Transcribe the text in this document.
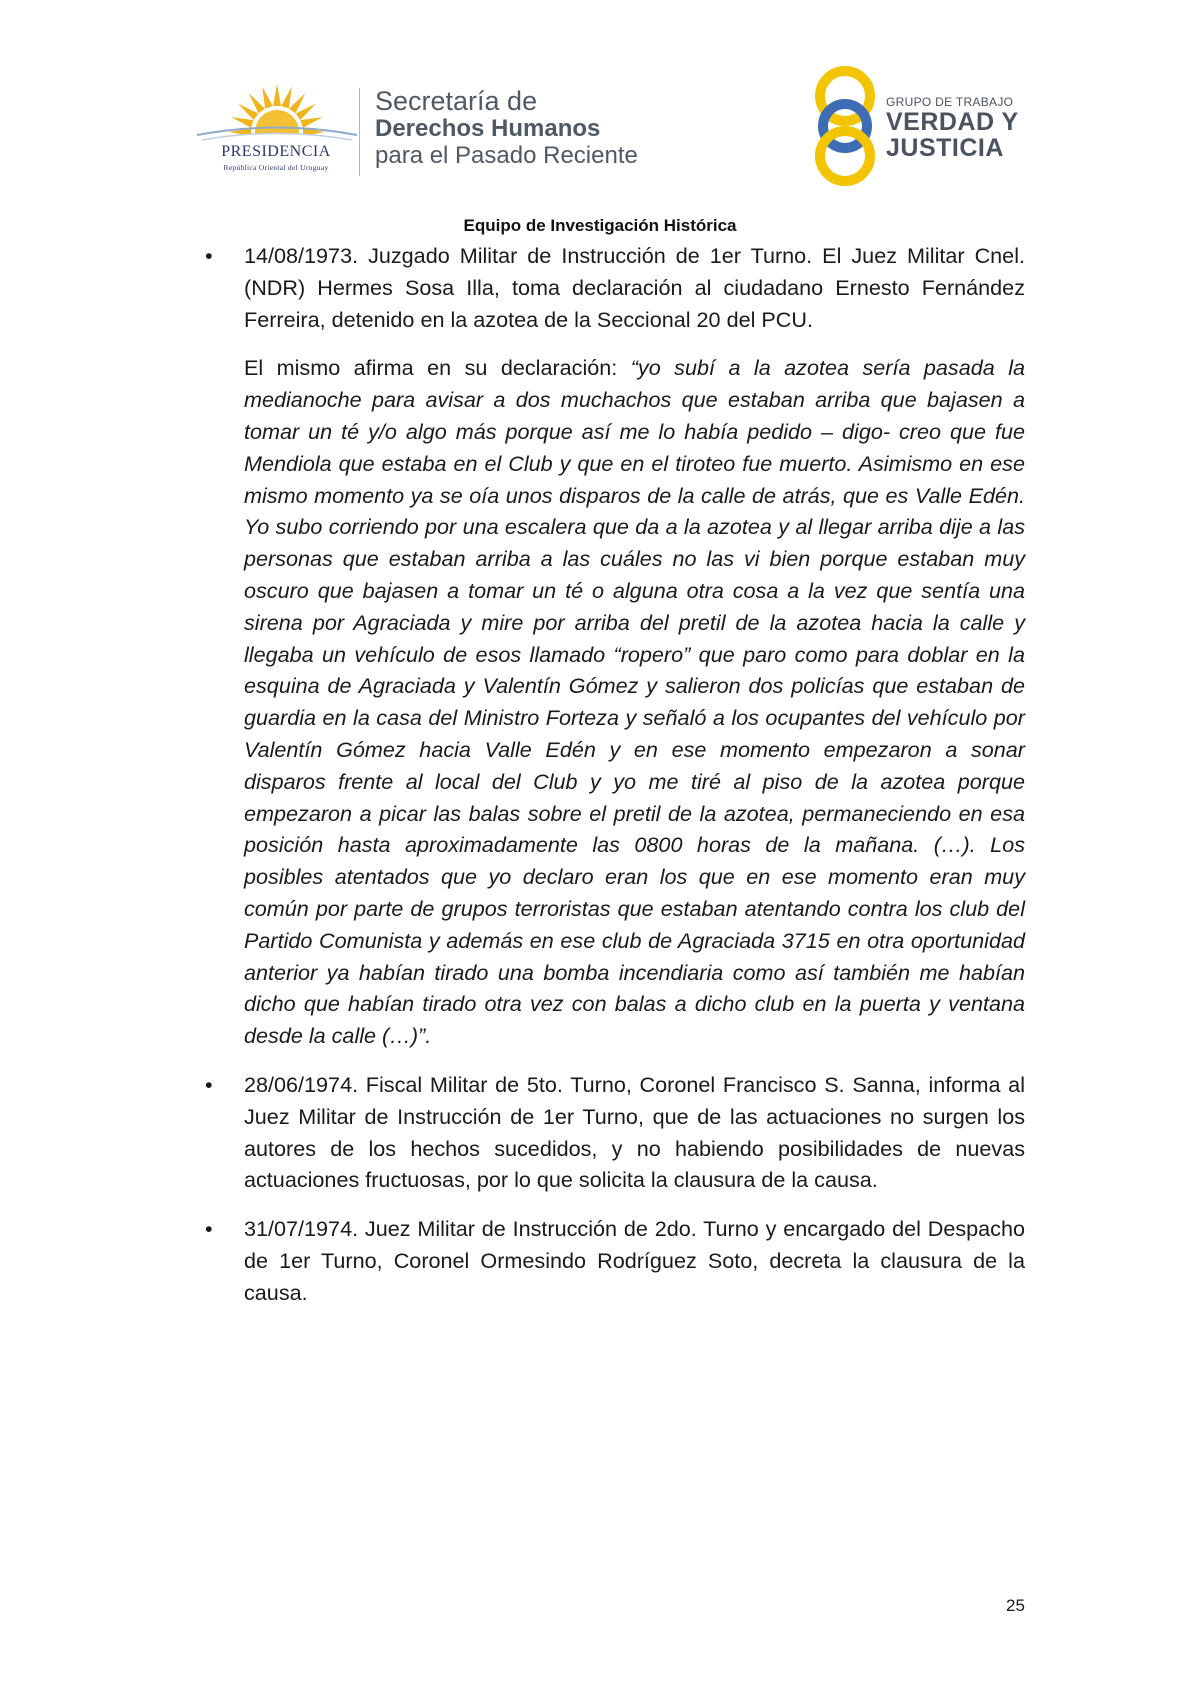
PRESIDENCIA
República Oriental del Uruguay
Secretaría de
Derechos Humanos
para el Pasado Reciente
GRUPO DE TRABAJO
VERDAD Y
JUSTICIA
Equipo de Investigación Histórica
• 14/08/1973. Juzgado Militar de Instrucción de 1er Turno. El Juez Militar Cnel. (NDR) Hermes Sosa Illa, toma declaración al ciudadano Ernesto Fernández Ferreira, detenido en la azotea de la Seccional 20 del PCU.

El mismo afirma en su declaración: “yo subí a la azotea sería pasada la medianoche para avisar a dos muchachos que estaban arriba que bajasen a tomar un té y/o algo más porque así me lo había pedido – digo- creo que fue Mendiola que estaba en el Club y que en el tiroteo fue muerto. Asimismo en ese mismo momento ya se oía unos disparos de la calle de atrás, que es Valle Edén. Yo subo corriendo por una escalera que da a la azotea y al llegar arriba dije a las personas que estaban arriba a las cuáles no las vi bien porque estaban muy oscuro que bajasen a tomar un té o alguna otra cosa a la vez que sentía una sirena por Agraciada y mire por arriba del pretil de la azotea hacia la calle y llegaba un vehículo de esos llamado “ropero” que paro como para doblar en la esquina de Agraciada y Valentín Gómez y salieron dos policías que estaban de guardia en la casa del Ministro Forteza y señaló a los ocupantes del vehículo por Valentín Gómez hacia Valle Edén y en ese momento empezaron a sonar disparos frente al local del Club y yo me tiré al piso de la azotea porque empezaron a picar las balas sobre el pretil de la azotea, permaneciendo en esa posición hasta aproximadamente las 0800 horas de la mañana. (…). Los posibles atentados que yo declaro eran los que en ese momento eran muy común por parte de grupos terroristas que estaban atentando contra los club del Partido Comunista y además en ese club de Agraciada 3715 en otra oportunidad anterior ya habían tirado una bomba incendiaria como así también me habían dicho que habían tirado otra vez con balas a dicho club en la puerta y ventana desde la calle (…)”.

• 28/06/1974. Fiscal Militar de 5to. Turno, Coronel Francisco S. Sanna, informa al Juez Militar de Instrucción de 1er Turno, que de las actuaciones no surgen los autores de los hechos sucedidos, y no habiendo posibilidades de nuevas actuaciones fructuosas, por lo que solicita la clausura de la causa.
• 31/07/1974. Juez Militar de Instrucción de 2do. Turno y encargado del Despacho de 1er Turno, Coronel Ormesindo Rodríguez Soto, decreta la clausura de la causa.
25
